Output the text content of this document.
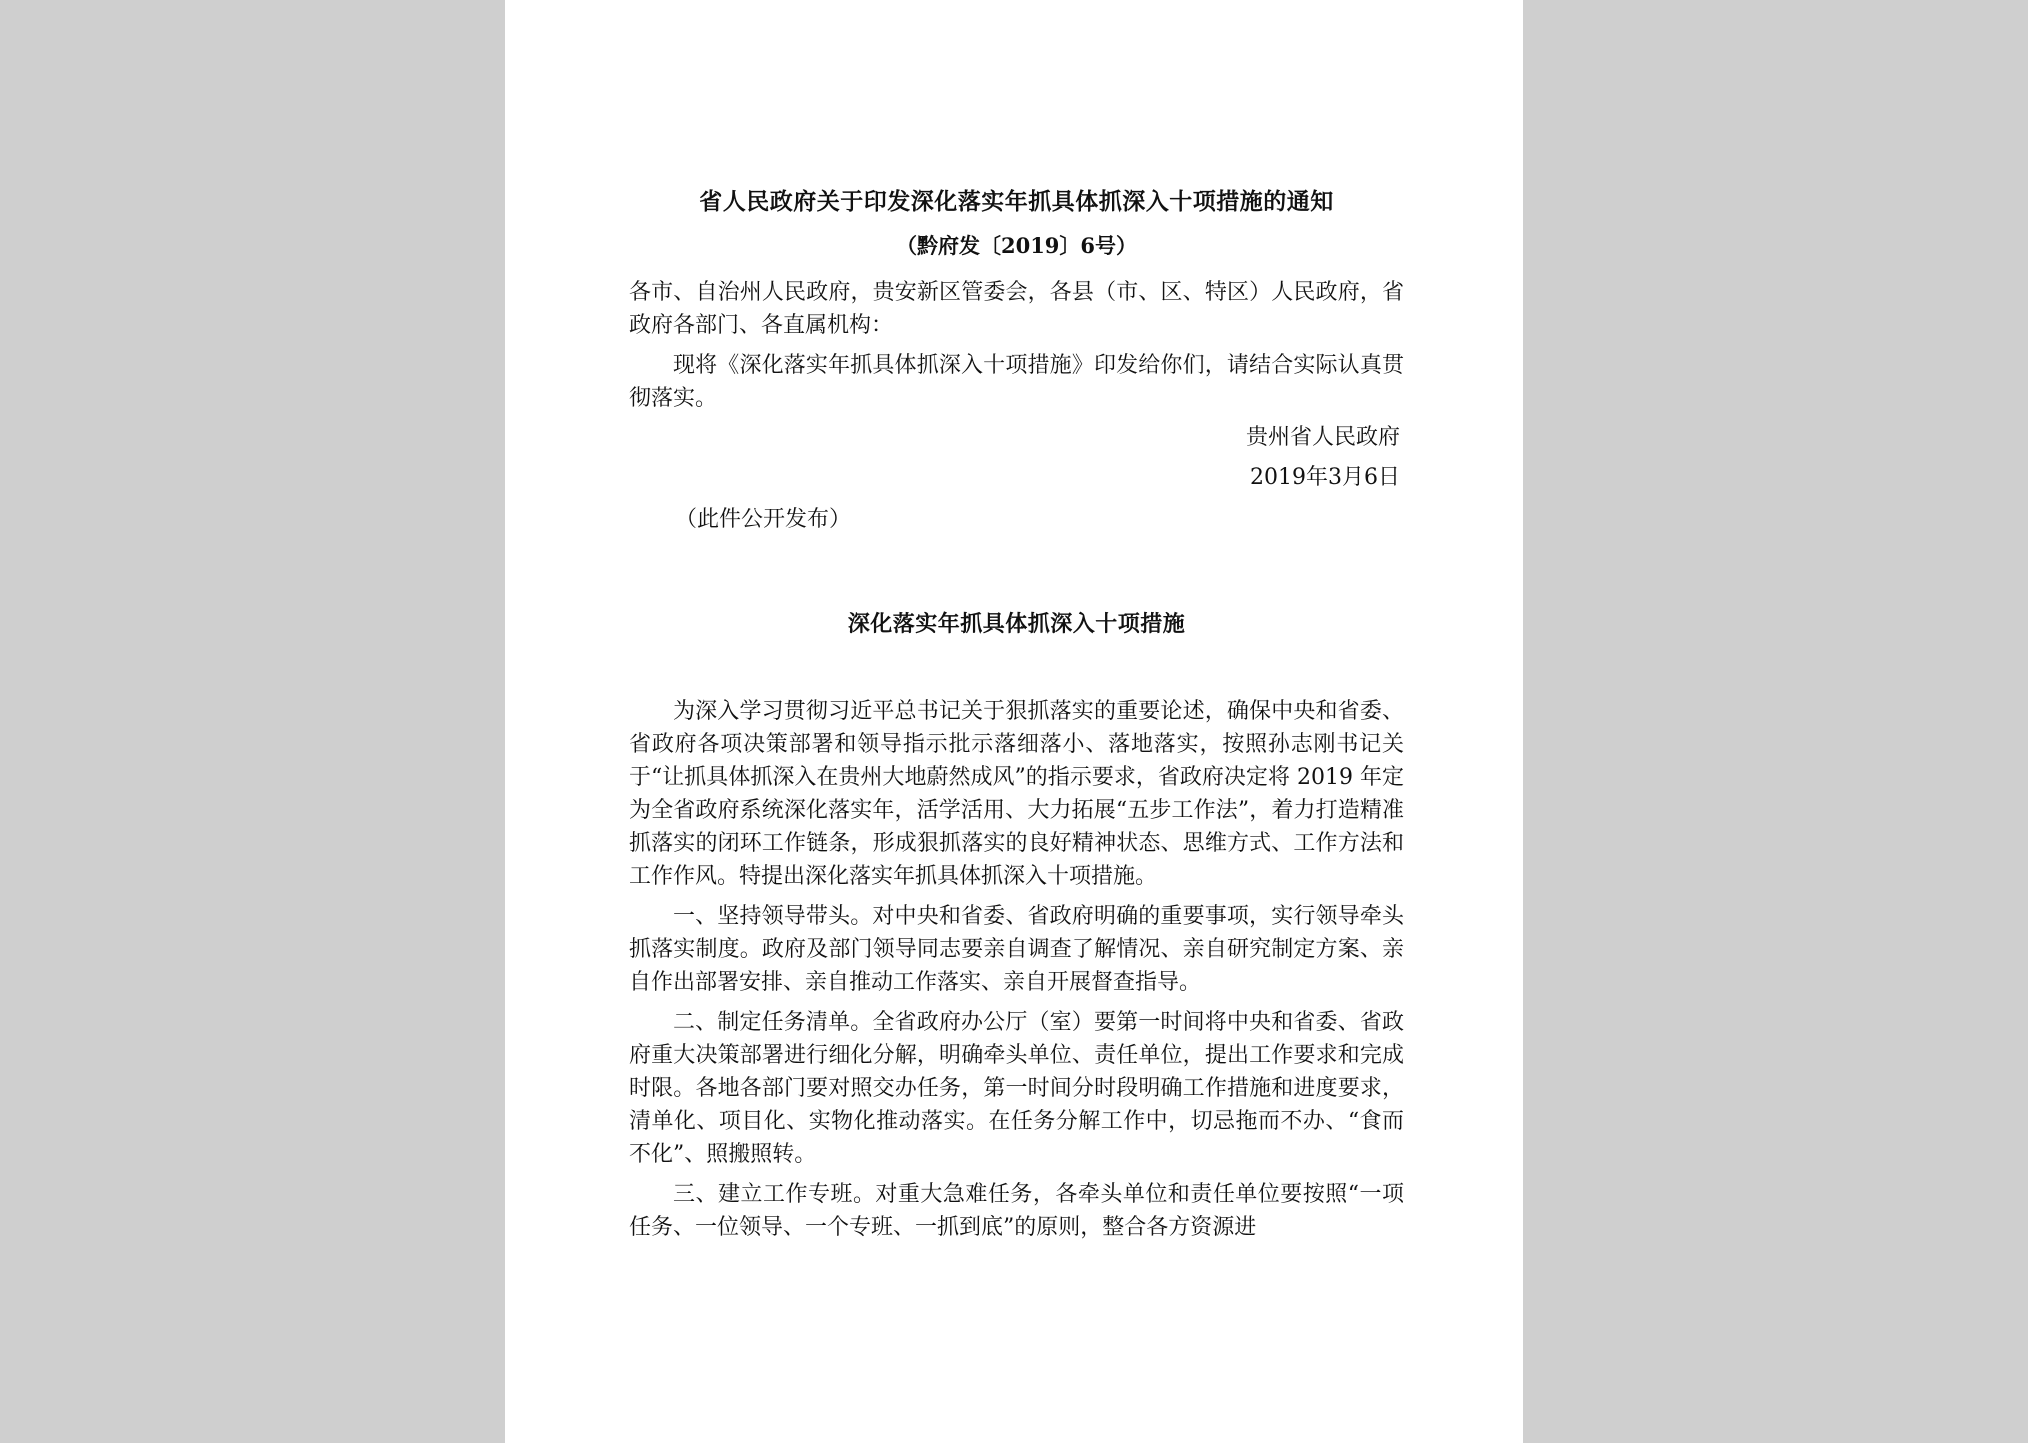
省人民政府关于印发深化落实年抓具体抓深入十项措施的通知
（黔府发〔2019〕6号）

各市、自治州人民政府，贵安新区管委会，各县（市、区、特区）人民政府，省政府各部门、各直属机构：

现将《深化落实年抓具体抓深入十项措施》印发给你们，请结合实际认真贯彻落实。

贵州省人民政府

2019年3月6日

（此件公开发布）

深化落实年抓具体抓深入十项措施

为深入学习贯彻习近平总书记关于狠抓落实的重要论述，确保中央和省委、省政府各项决策部署和领导指示批示落细落小、落地落实，按照孙志刚书记关于“让抓具体抓深入在贵州大地蔚然成风”的指示要求，省政府决定将 2019 年定为全省政府系统深化落实年，活学活用、大力拓展“五步工作法”，着力打造精准抓落实的闭环工作链条，形成狠抓落实的良好精神状态、思维方式、工作方法和工作作风。特提出深化落实年抓具体抓深入十项措施。

一、坚持领导带头。对中央和省委、省政府明确的重要事项，实行领导牵头抓落实制度。政府及部门领导同志要亲自调查了解情况、亲自研究制定方案、亲自作出部署安排、亲自推动工作落实、亲自开展督查指导。

二、制定任务清单。全省政府办公厅（室）要第一时间将中央和省委、省政府重大决策部署进行细化分解，明确牵头单位、责任单位，提出工作要求和完成时限。各地各部门要对照交办任务，第一时间分时段明确工作措施和进度要求，清单化、项目化、实物化推动落实。在任务分解工作中，切忌拖而不办、“食而不化”、照搬照转。

三、建立工作专班。对重大急难任务，各牵头单位和责任单位要按照“一项任务、一位领导、一个专班、一抓到底”的原则，整合各方资源进
